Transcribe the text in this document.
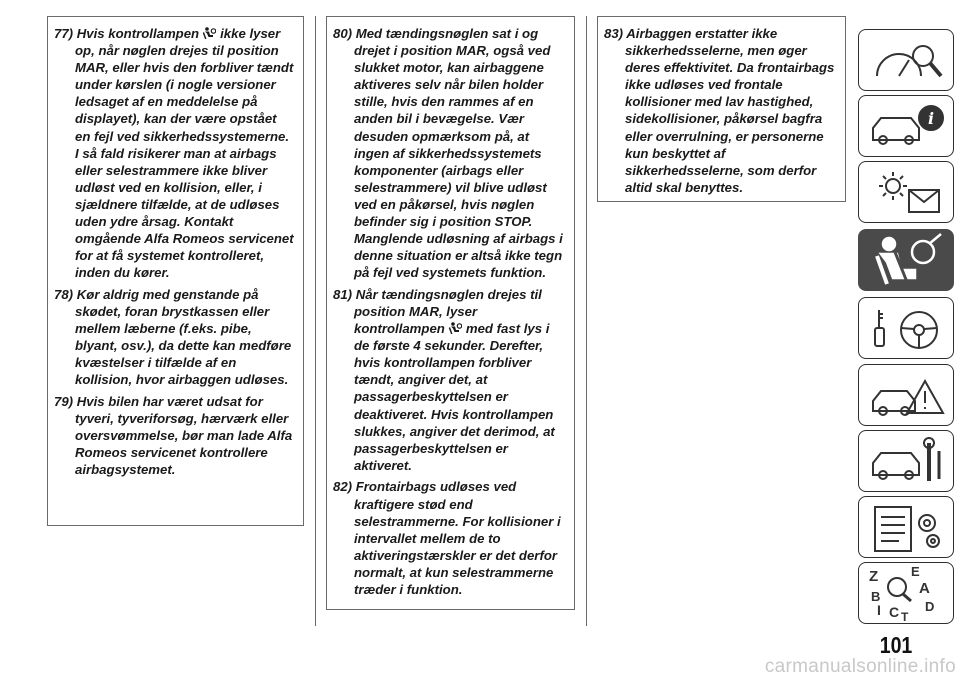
77) Hvis kontrollampen ikke lyser op, når nøglen drejes til position MAR, eller hvis den forbliver tændt under kørslen (i nogle versioner ledsaget af en meddelelse på displayet), kan der være opstået en fejl ved sikkerhedssystemerne. I så fald risikerer man at airbags eller selestrammere ikke bliver udløst ved en kollision, eller, i sjældnere tilfælde, at de udløses uden ydre årsag. Kontakt omgående Alfa Romeos servicenet for at få systemet kontrolleret, inden du kører.

78) Kør aldrig med genstande på skødet, foran brystkassen eller mellem læberne (f.eks. pibe, blyant, osv.), da dette kan medføre kvæstelser i tilfælde af en kollision, hvor airbaggen udløses.

79) Hvis bilen har været udsat for tyveri, tyveriforsøg, hærværk eller oversvømmelse, bør man lade Alfa Romeos servicenet kontrollere airbagsystemet.

80) Med tændingsnøglen sat i og drejet i position MAR, også ved slukket motor, kan airbaggene aktiveres selv når bilen holder stille, hvis den rammes af en anden bil i bevægelse. Vær desuden opmærksom på, at ingen af sikkerhedssystemets komponenter (airbags eller selestrammere) vil blive udløst ved en påkørsel, hvis nøglen befinder sig i position STOP. Manglende udløsning af airbags i denne situation er altså ikke tegn på fejl ved systemets funktion.

81) Når tændingsnøglen drejes til position MAR, lyser kontrollampen med fast lys i de første 4 sekunder. Derefter, hvis kontrollampen forbliver tændt, angiver det, at passagerbeskyttelsen er deaktiveret. Hvis kontrollampen slukkes, angiver det derimod, at passagerbeskyttelsen er aktiveret.

82) Frontairbags udløses ved kraftigere stød end selestrammerne. For kollisioner i intervallet mellem de to aktiveringstærskler er det derfor normalt, at kun selestrammerne træder i funktion.

83) Airbaggen erstatter ikke sikkerhedsselerne, men øger deres effektivitet. Da frontairbags ikke udløses ved frontale kollisioner med lav hastighed, sidekollisioner, påkørsel bagfra eller overrulning, er personerne kun beskyttet af sikkerhedsselerne, som derfor altid skal benyttes.

i
Z	E
A
B
D
I C T
101
carmanualsonline.info
